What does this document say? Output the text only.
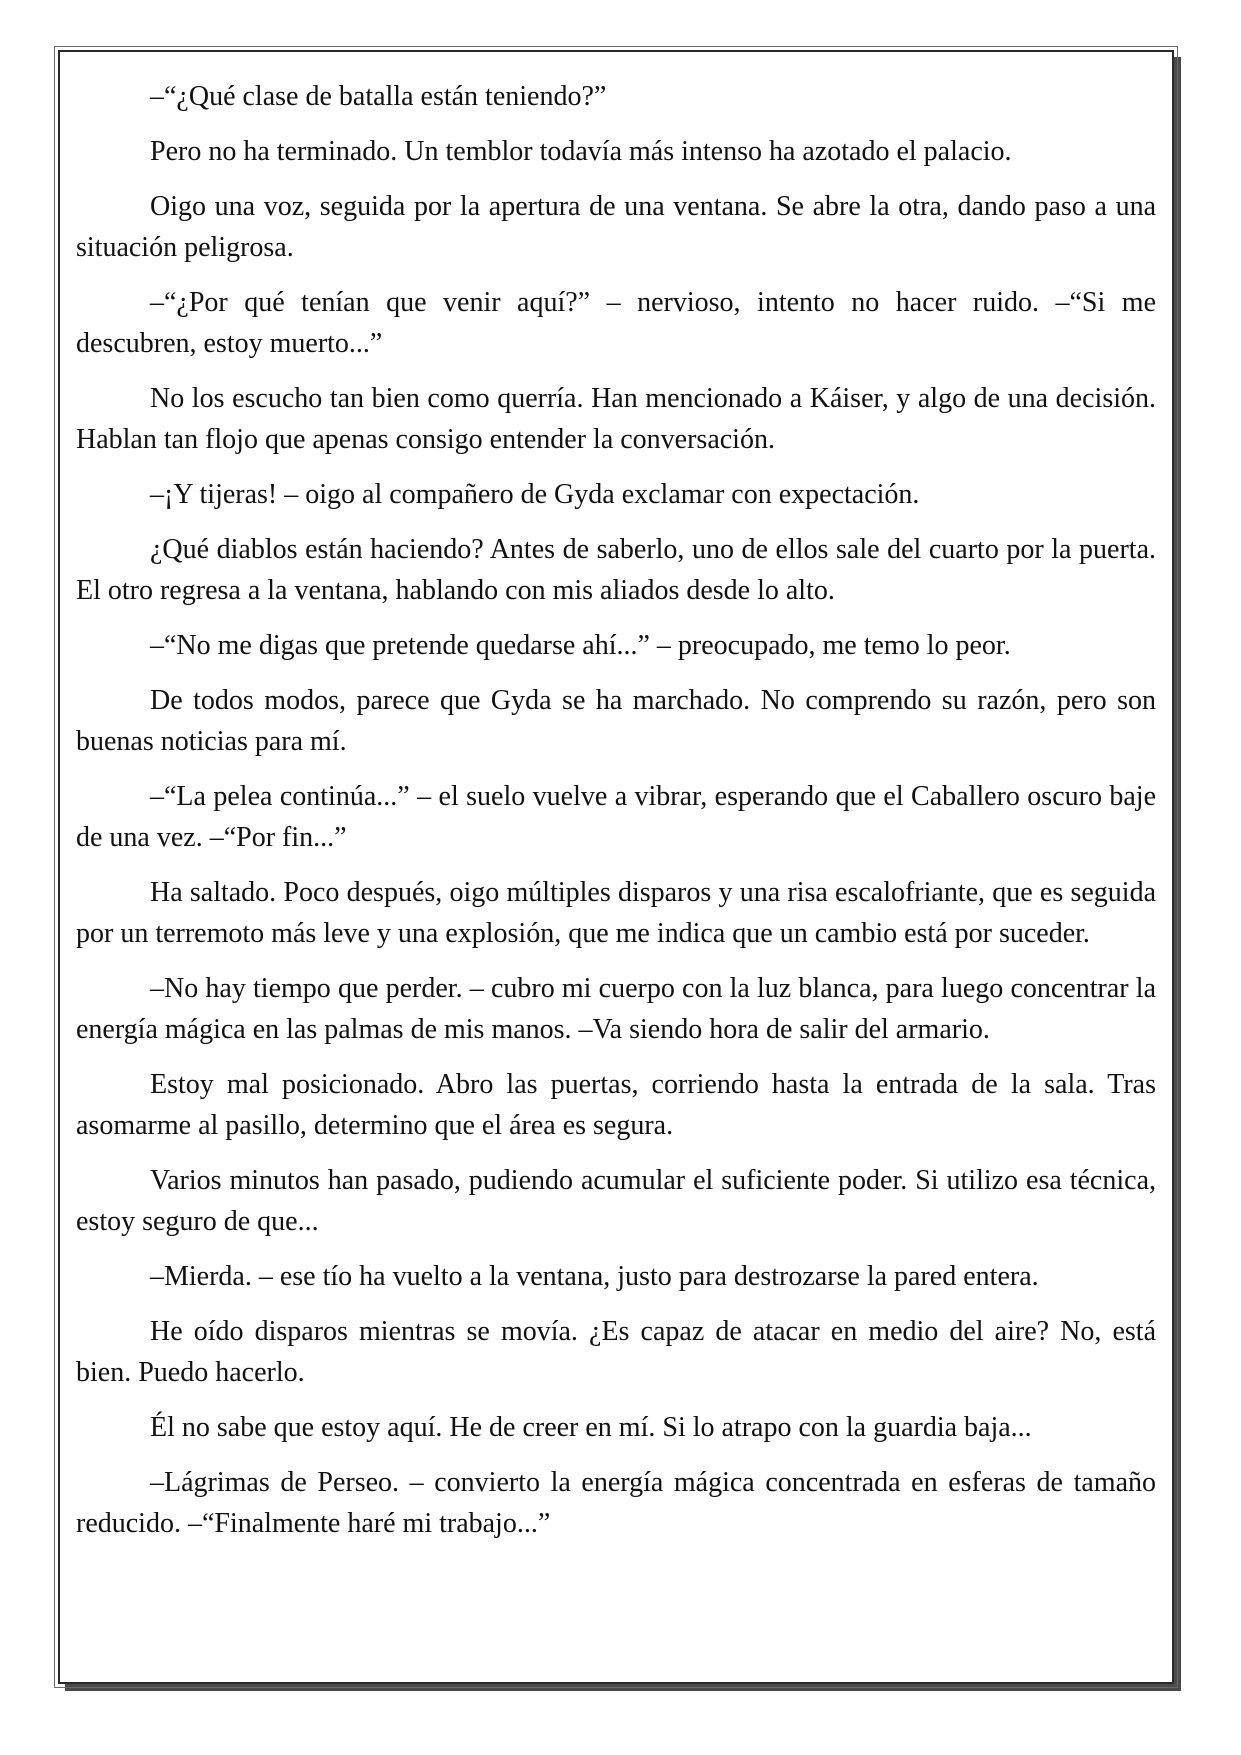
–“¿Qué clase de batalla están teniendo?”

Pero no ha terminado. Un temblor todavía más intenso ha azotado el palacio.

Oigo una voz, seguida por la apertura de una ventana. Se abre la otra, dando paso a una situación peligrosa.

–“¿Por qué tenían que venir aquí?” – nervioso, intento no hacer ruido. –“Si me descubren, estoy muerto...”

No los escucho tan bien como querría. Han mencionado a Káiser, y algo de una decisión. Hablan tan flojo que apenas consigo entender la conversación.

–¡Y tijeras! – oigo al compañero de Gyda exclamar con expectación.

¿Qué diablos están haciendo? Antes de saberlo, uno de ellos sale del cuarto por la puerta. El otro regresa a la ventana, hablando con mis aliados desde lo alto.

–“No me digas que pretende quedarse ahí...” – preocupado, me temo lo peor.

De todos modos, parece que Gyda se ha marchado. No comprendo su razón, pero son buenas noticias para mí.

–“La pelea continúa...” – el suelo vuelve a vibrar, esperando que el Caballero oscuro baje de una vez. –“Por fin...”

Ha saltado. Poco después, oigo múltiples disparos y una risa escalofriante, que es seguida por un terremoto más leve y una explosión, que me indica que un cambio está por suceder.

–No hay tiempo que perder. – cubro mi cuerpo con la luz blanca, para luego concentrar la energía mágica en las palmas de mis manos. –Va siendo hora de salir del armario.

Estoy mal posicionado. Abro las puertas, corriendo hasta la entrada de la sala. Tras asomarme al pasillo, determino que el área es segura.

Varios minutos han pasado, pudiendo acumular el suficiente poder. Si utilizo esa técnica, estoy seguro de que...

–Mierda. – ese tío ha vuelto a la ventana, justo para destrozarse la pared entera.

He oído disparos mientras se movía. ¿Es capaz de atacar en medio del aire? No, está bien. Puedo hacerlo.

Él no sabe que estoy aquí. He de creer en mí. Si lo atrapo con la guardia baja...

–Lágrimas de Perseo. – convierto la energía mágica concentrada en esferas de tamaño reducido. –“Finalmente haré mi trabajo...”
